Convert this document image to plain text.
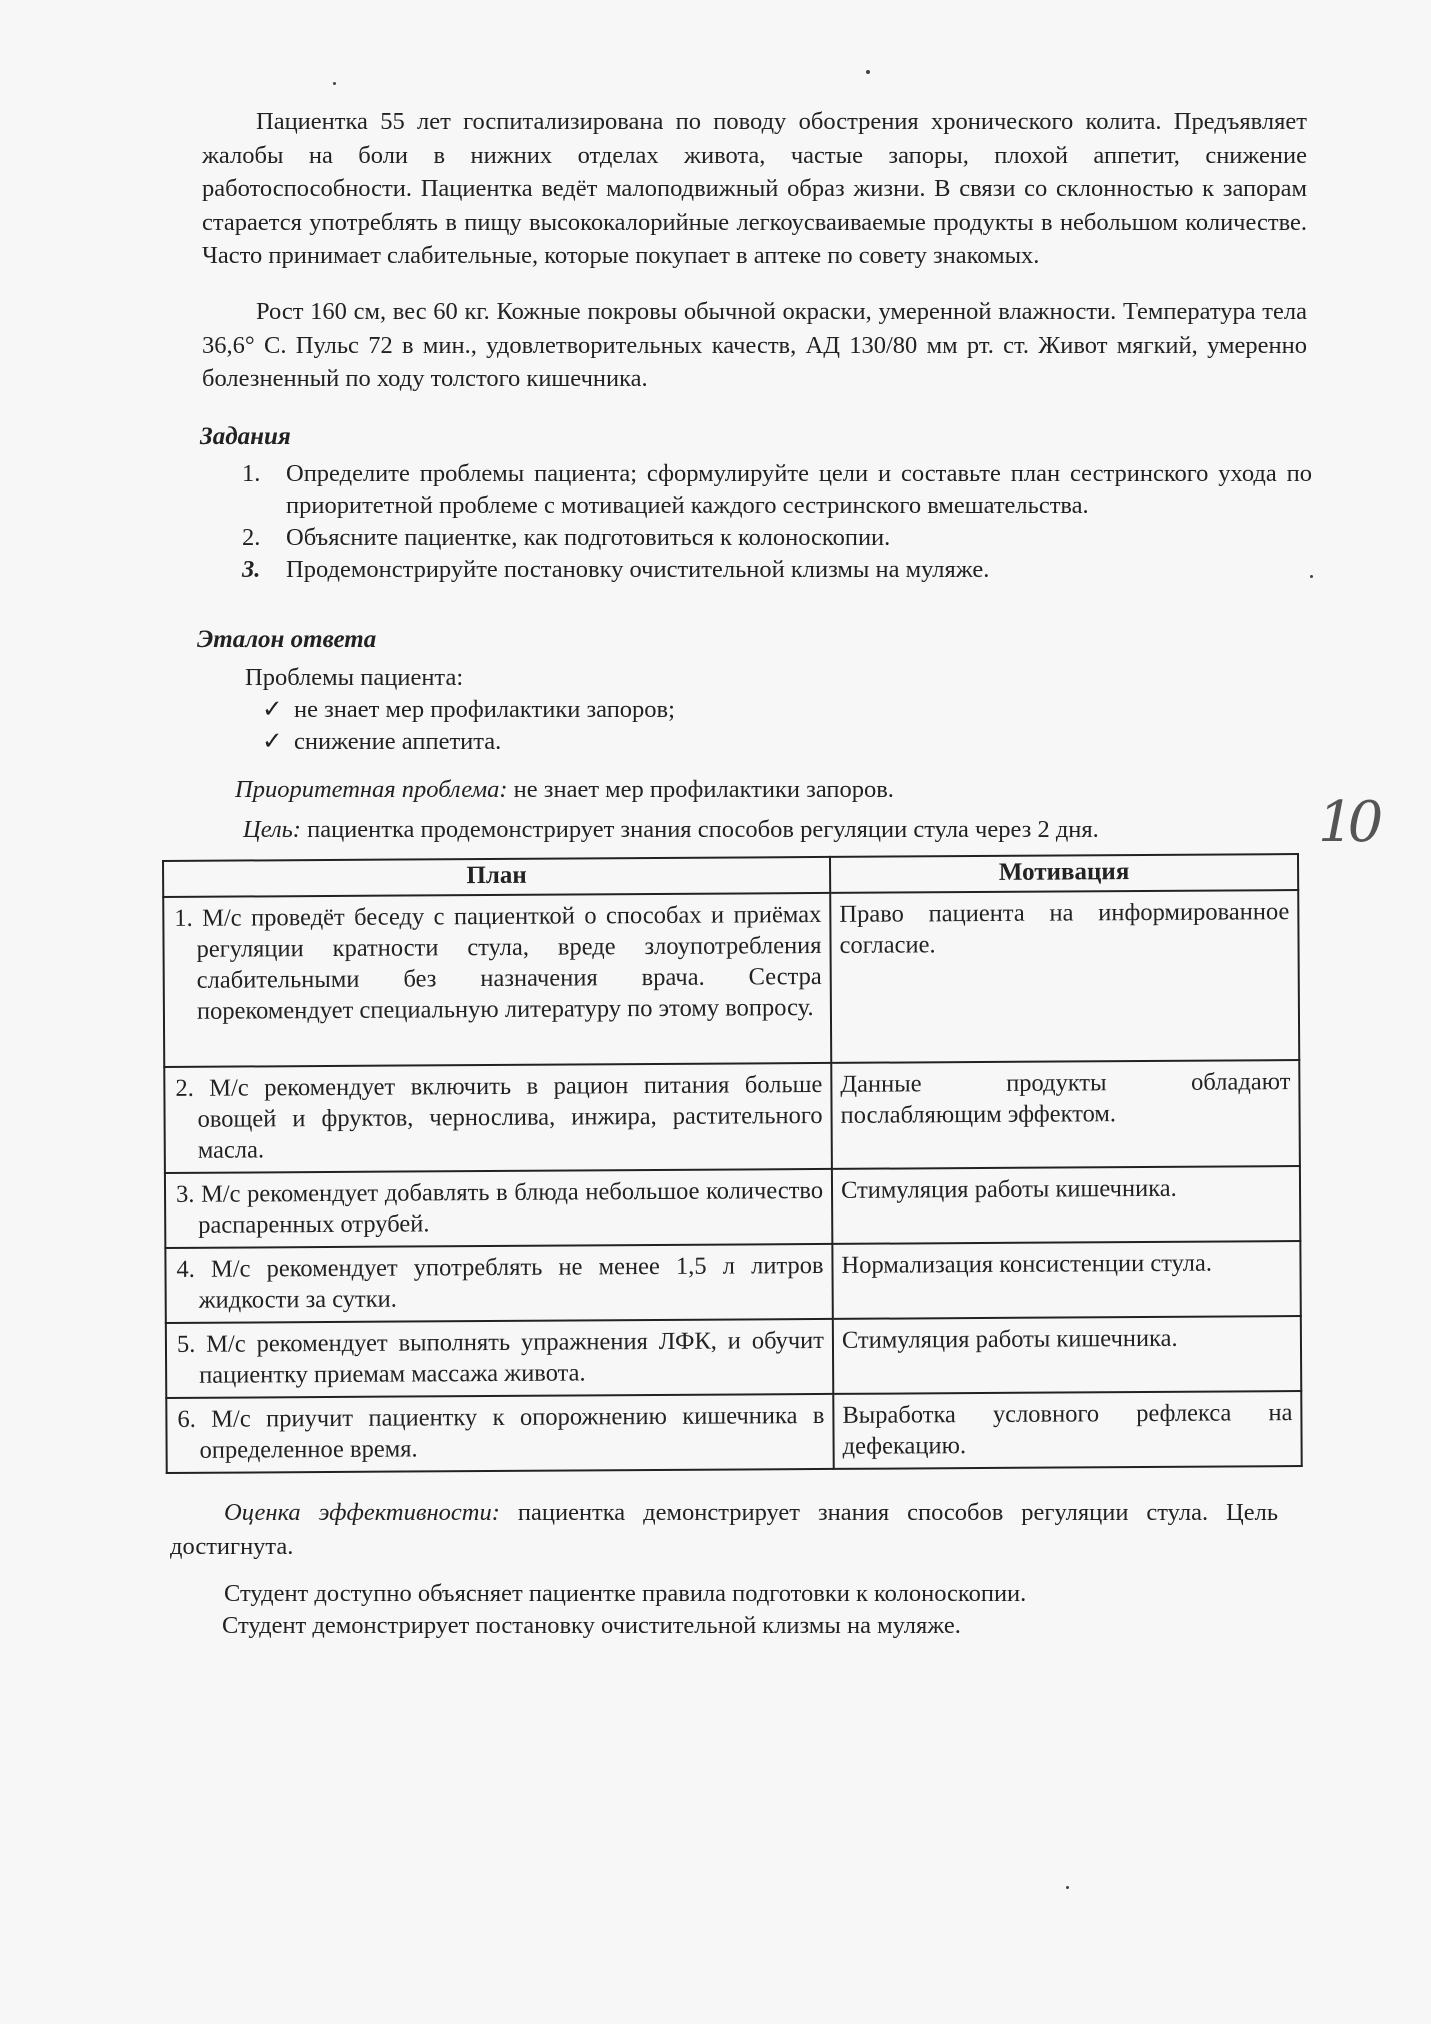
Пациентка 55 лет госпитализирована по поводу обострения хронического колита. Предъявляет жалобы на боли в нижних отделах живота, частые запоры, плохой аппетит, снижение работоспособности. Пациентка ведёт малоподвижный образ жизни. В связи со склонностью к запорам старается употреблять в пищу высококалорийные легкоусваиваемые продукты в небольшом количестве. Часто принимает слабительные, которые покупает в аптеке по совету знакомых.
Рост 160 см, вес 60 кг. Кожные покровы обычной окраски, умеренной влажности. Температура тела 36,6° С. Пульс 72 в мин., удовлетворительных качеств, АД 130/80 мм рт. ст. Живот мягкий, умеренно болезненный по ходу толстого кишечника.
Задания
1.	Определите проблемы пациента; сформулируйте цели и составьте план сестринского ухода по приоритетной проблеме с мотивацией каждого сестринского вмешательства.
2.	Объясните пациентке, как подготовиться к колоноскопии.
3.	Продемонстрируйте постановку очистительной клизмы на муляже.
Эталон ответа
Проблемы пациента:
✓ не знает мер профилактики запоров;
✓ снижение аппетита.
Приоритетная проблема: не знает мер профилактики запоров.
Цель: пациентка продемонстрирует знания способов регуляции стула через 2 дня.	10
План	Мотивация
1. М/с проведёт беседу с пациенткой о способах и приёмах регуляции кратности стула, вреде злоупотребления слабительными без назначения врача. Сестра порекомендует специальную литературу по этому вопросу.	Право пациента на информированное согласие.
2. М/с рекомендует включить в рацион питания больше овощей и фруктов, чернослива, инжира, растительного масла.	Данные продукты обладают послабляющим эффектом.
3. М/с рекомендует добавлять в блюда небольшое количество распаренных отрубей.	Стимуляция работы кишечника.
4. М/с рекомендует употреблять не менее 1,5 л литров жидкости за сутки.	Нормализация консистенции стула.
5. М/с рекомендует выполнять упражнения ЛФК, и обучит пациентку приемам массажа живота.	Стимуляция работы кишечника.
6. М/с приучит пациентку к опорожнению кишечника в определенное время.	Выработка условного рефлекса на дефекацию.
Оценка эффективности: пациентка демонстрирует знания способов регуляции стула. Цель достигнута.
Студент доступно объясняет пациентке правила подготовки к колоноскопии.
Студент демонстрирует постановку очистительной клизмы на муляже.
